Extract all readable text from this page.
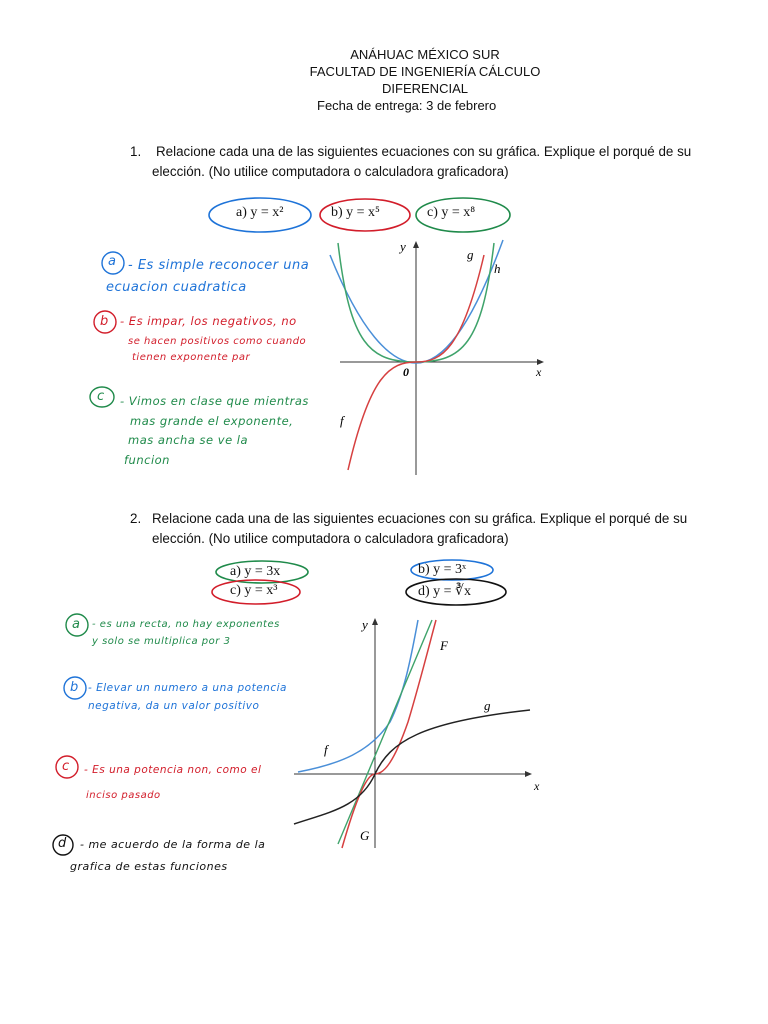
ANÁHUAC MÉXICO SUR
FACULTAD DE INGENIERÍA CÁLCULO
DIFERENCIAL
Fecha de entrega: 3 de febrero
1. Relacione cada una de las siguientes ecuaciones con su gráfica. Explique el porqué de su
elección. (No utilice computadora o calculadora graficadora)
a) y = x²	b) y = x⁵	c) y = x⁸
y
x
0
g
h
f
a - Es simple reconocer una
ecuacion cuadratica
b - Es impar, los negativos, no
se hacen positivos como cuando
tienen exponente par
c - Vimos en clase que mientras
mas grande el exponente,
mas ancha se ve la
funcion
2. Relacione cada una de las siguientes ecuaciones con su gráfica. Explique el porqué de su
elección. (No utilice computadora o calculadora graficadora)
a) y = 3x
c) y = x³
b) y = 3ˣ
d) y = ∛x
y
x
F
g
f
G
a - es una recta, no hay exponentes
y solo se multiplica por 3
b - Elevar un numero a una potencia
negativa, da un valor positivo
c - Es una potencia non, como el
inciso pasado
d - me acuerdo de la forma de la
grafica de estas funciones
